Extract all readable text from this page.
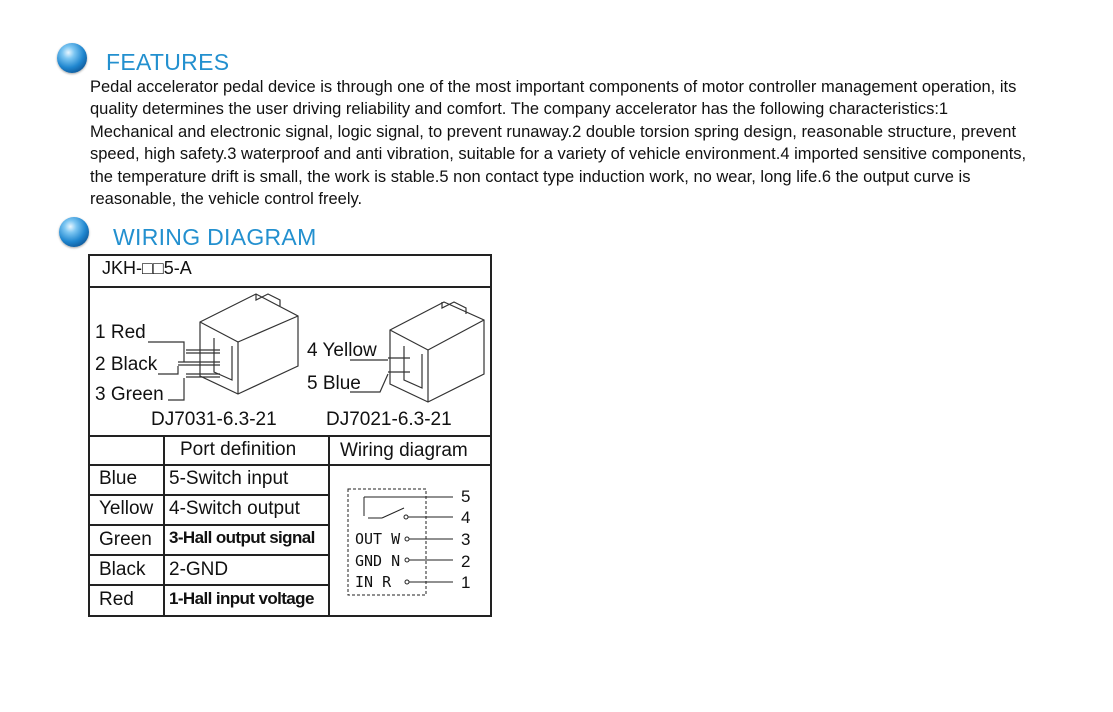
FEATURES

Pedal accelerator pedal device is through one of the most important components of motor controller management operation, its quality determines the user driving reliability and comfort. The company accelerator has the following characteristics:1 Mechanical and electronic signal, logic signal, to prevent runaway.2 double torsion spring design, reasonable structure, prevent speed, high safety.3 waterproof and anti vibration, suitable for a variety of vehicle environment.4 imported sensitive components, the temperature drift is small, the work is stable.5 non contact type induction work, no wear, long life.6 the output curve is reasonable, the vehicle control freely.

WIRING DIAGRAM
JKH-□□5-A
1 Red
2 Black
3 Green
DJ7031-6.3-21
4 Yellow
5 Blue
DJ7021-6.3-21
Port definition Wiring diagram
Blue 5-Switch input
Yellow 4-Switch output
Green 3-Hall output signal
Black 2-GND
Red 1-Hall input voltage
5
4
3
2
1
OUT W
GND N
IN R
